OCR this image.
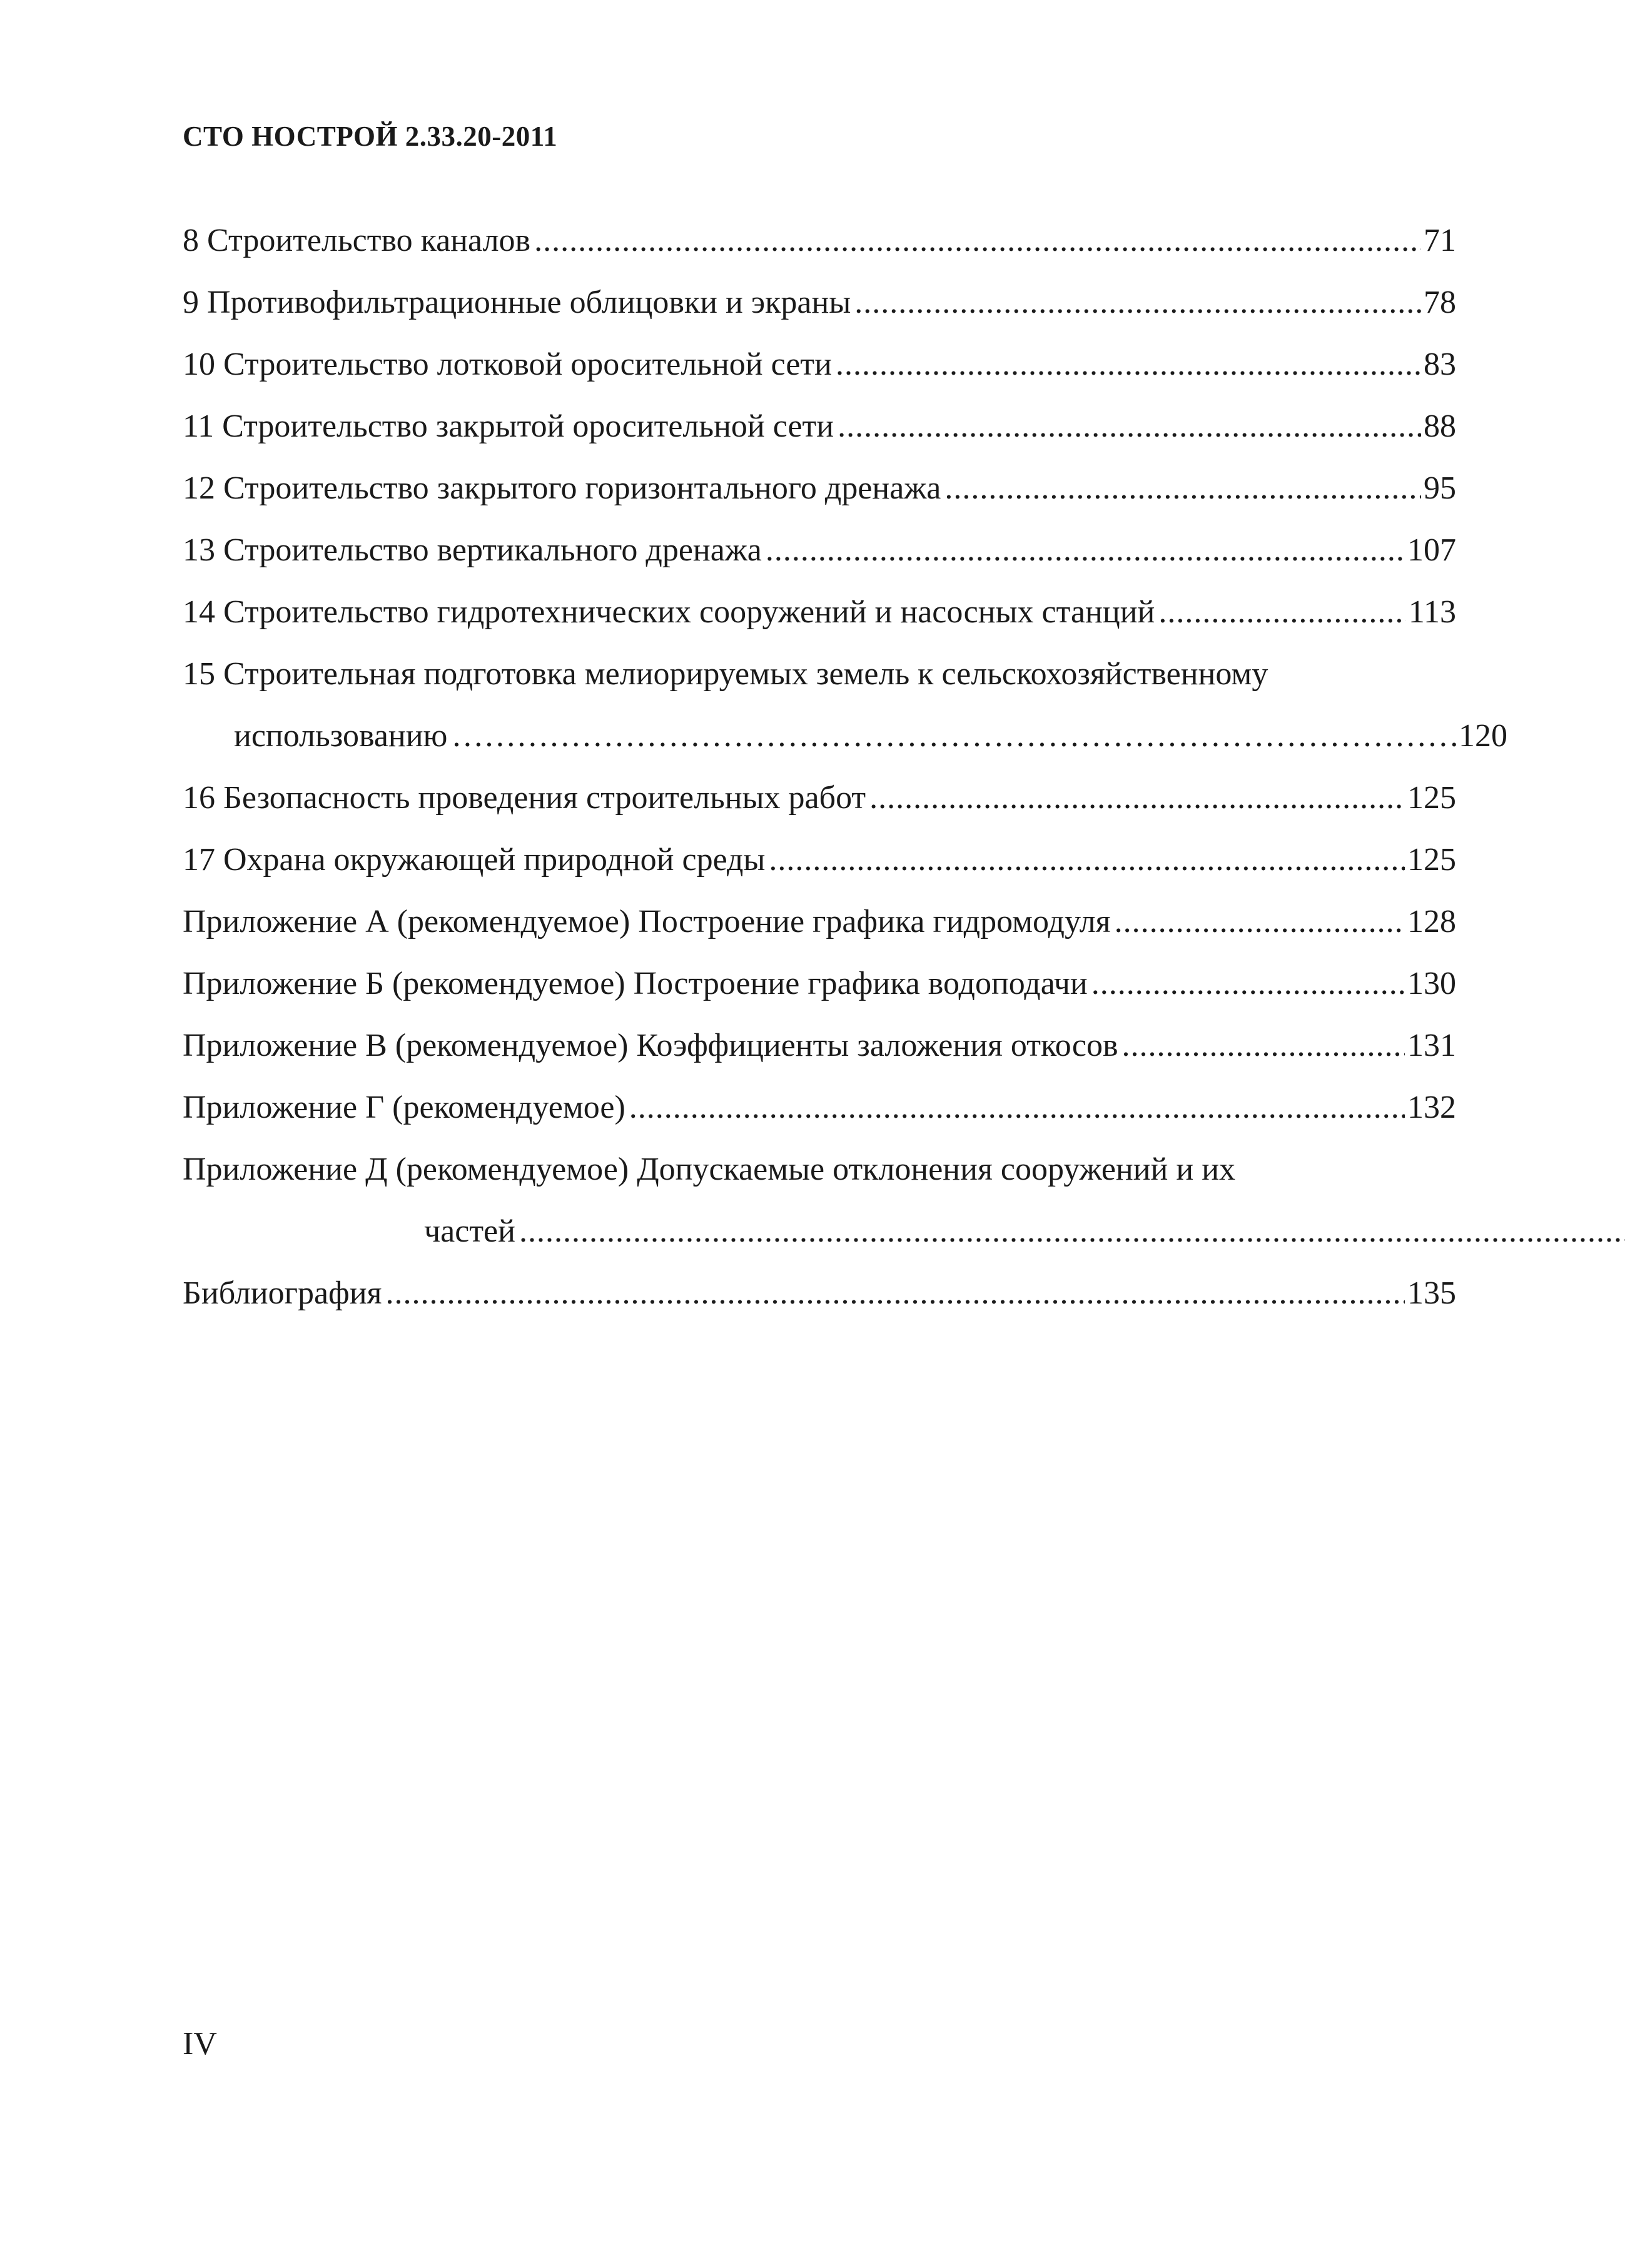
СТО НОСТРОЙ 2.33.20-2011
8 Строительство каналов .....	71
9 Противофильтрационные облицовки и экраны .....	78
10 Строительство лотковой оросительной сети .....	83
11 Строительство закрытой оросительной сети .....	88
12 Строительство закрытого горизонтального дренажа .....	95
13 Строительство вертикального дренажа .....	107
14 Строительство гидротехнических сооружений и насосных станций .....	113
15 Строительная подготовка мелиорируемых земель к сельскохозяйственному
использованию ……………………………………………………………………………………………………………………………………………………………………	120
16 Безопасность проведения строительных работ .....	125
17 Охрана окружающей природной среды .....	125
Приложение А (рекомендуемое) Построение графика гидромодуля .....	128
Приложение Б (рекомендуемое) Построение графика водоподачи .....	130
Приложение В (рекомендуемое) Коэффициенты заложения откосов .....	131
Приложение Г (рекомендуемое) .....	132
Приложение Д (рекомендуемое) Допускаемые отклонения сооружений и их
частей
.....
Библиография .....	135
IV
